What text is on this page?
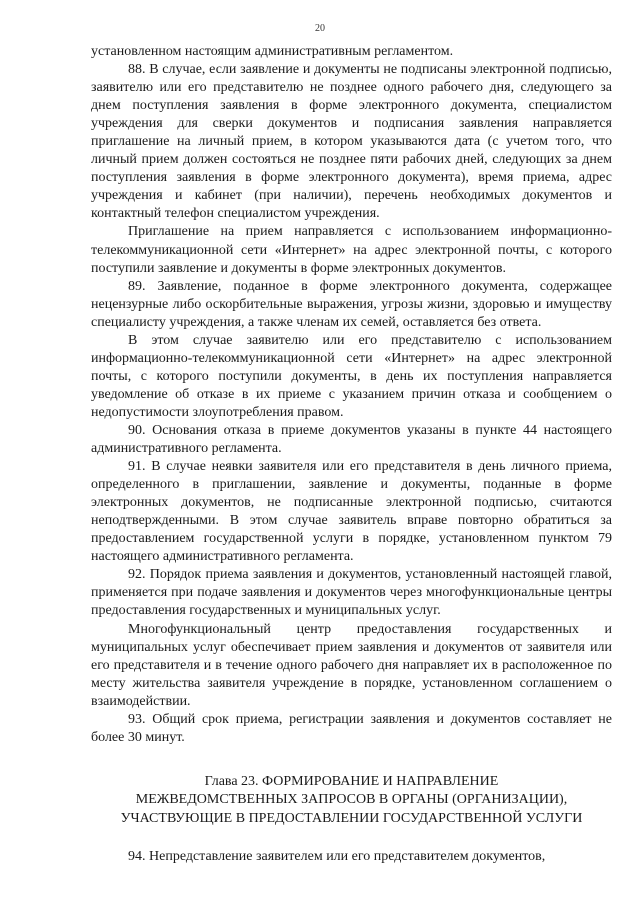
20

установленном настоящим административным регламентом.

88. В случае, если заявление и документы не подписаны электронной подписью, заявителю или его представителю не позднее одного рабочего дня, следующего за днем поступления заявления в форме электронного документа, специалистом учреждения для сверки документов и подписания заявления направляется приглашение на личный прием, в котором указываются дата (с учетом того, что личный прием должен состояться не позднее пяти рабочих дней, следующих за днем поступления заявления в форме электронного документа), время приема, адрес учреждения и кабинет (при наличии), перечень необходимых документов и контактный телефон специалистом учреждения.

Приглашение на прием направляется с использованием информационно-телекоммуникационной сети «Интернет» на адрес электронной почты, с которого поступили заявление и документы в форме электронных документов.

89. Заявление, поданное в форме электронного документа, содержащее нецензурные либо оскорбительные выражения, угрозы жизни, здоровью и имуществу специалисту учреждения, а также членам их семей, оставляется без ответа.

В этом случае заявителю или его представителю с использованием информационно-телекоммуникационной сети «Интернет» на адрес электронной почты, с которого поступили документы, в день их поступления направляется уведомление об отказе в их приеме с указанием причин отказа и сообщением о недопустимости злоупотребления правом.

90. Основания отказа в приеме документов указаны в пункте 44 настоящего административного регламента.

91. В случае неявки заявителя или его представителя в день личного приема, определенного в приглашении, заявление и документы, поданные в форме электронных документов, не подписанные электронной подписью, считаются неподтвержденными. В этом случае заявитель вправе повторно обратиться за предоставлением государственной услуги в порядке, установленном пунктом 79 настоящего административного регламента.

92. Порядок приема заявления и документов, установленный настоящей главой, применяется при подаче заявления и документов через многофункциональные центры предоставления государственных и муниципальных услуг.

Многофункциональный центр предоставления государственных и муниципальных услуг обеспечивает прием заявления и документов от заявителя или его представителя и в течение одного рабочего дня направляет их в расположенное по месту жительства заявителя учреждение в порядке, установленном соглашением о взаимодействии.

93. Общий срок приема, регистрации заявления и документов составляет не более 30 минут.

Глава 23. ФОРМИРОВАНИЕ И НАПРАВЛЕНИЕ
МЕЖВЕДОМСТВЕННЫХ ЗАПРОСОВ В ОРГАНЫ (ОРГАНИЗАЦИИ),
УЧАСТВУЮЩИЕ В ПРЕДОСТАВЛЕНИИ ГОСУДАРСТВЕННОЙ УСЛУГИ

94. Непредставление заявителем или его представителем документов,
